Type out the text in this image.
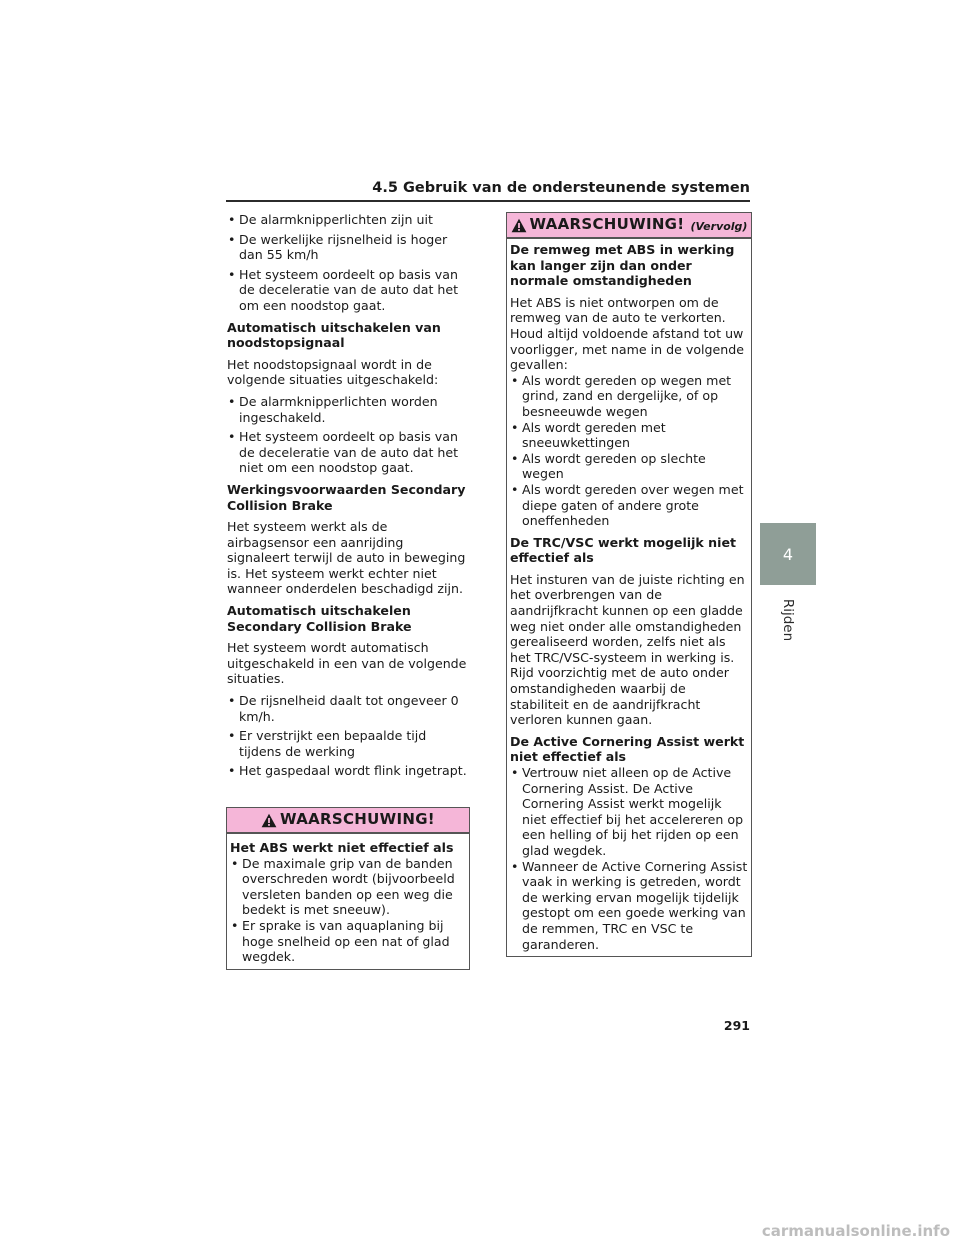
4.5 Gebruik van de ondersteunende systemen
• De alarmknipperlichten zijn uit
• De werkelijke rijsnelheid is hoger dan 55 km/h
• Het systeem oordeelt op basis van de deceleratie van de auto dat het om een noodstop gaat.
Automatisch uitschakelen van noodstopsignaal
Het noodstopsignaal wordt in de volgende situaties uitgeschakeld:
• De alarmknipperlichten worden ingeschakeld.
• Het systeem oordeelt op basis van de deceleratie van de auto dat het niet om een noodstop gaat.
Werkingsvoorwaarden Secondary Collision Brake
Het systeem werkt als de airbagsensor een aanrijding signaleert terwijl de auto in beweging is. Het systeem werkt echter niet wanneer onderdelen beschadigd zijn.
Automatisch uitschakelen Secondary Collision Brake
Het systeem wordt automatisch uitgeschakeld in een van de volgende situaties.
• De rijsnelheid daalt tot ongeveer 0 km/h.
• Er verstrijkt een bepaalde tijd tijdens de werking
• Het gaspedaal wordt flink ingetrapt.
WAARSCHUWING!
Het ABS werkt niet effectief als
• De maximale grip van de banden overschreden wordt (bijvoorbeeld versleten banden op een weg die bedekt is met sneeuw).
• Er sprake is van aquaplaning bij hoge snelheid op een nat of glad wegdek.
WAARSCHUWING! (Vervolg)
De remweg met ABS in werking kan langer zijn dan onder normale omstandigheden
Het ABS is niet ontworpen om de remweg van de auto te verkorten. Houd altijd voldoende afstand tot uw voorligger, met name in de volgende gevallen:
• Als wordt gereden op wegen met grind, zand en dergelijke, of op besneeuwde wegen
• Als wordt gereden met sneeuwkettingen
• Als wordt gereden op slechte wegen
• Als wordt gereden over wegen met diepe gaten of andere grote oneffenheden
De TRC/VSC werkt mogelijk niet effectief als
Het insturen van de juiste richting en het overbrengen van de aandrijfkracht kunnen op een gladde weg niet onder alle omstandigheden gerealiseerd worden, zelfs niet als het TRC/VSC-systeem in werking is. Rijd voorzichtig met de auto onder omstandigheden waarbij de stabiliteit en de aandrijfkracht verloren kunnen gaan.
De Active Cornering Assist werkt niet effectief als
• Vertrouw niet alleen op de Active Cornering Assist. De Active Cornering Assist werkt mogelijk niet effectief bij het accelereren op een helling of bij het rijden op een glad wegdek.
• Wanneer de Active Cornering Assist vaak in werking is getreden, wordt de werking ervan mogelijk tijdelijk gestopt om een goede werking van de remmen, TRC en VSC te garanderen.
4
Rijden
291
carmanualsonline.info
